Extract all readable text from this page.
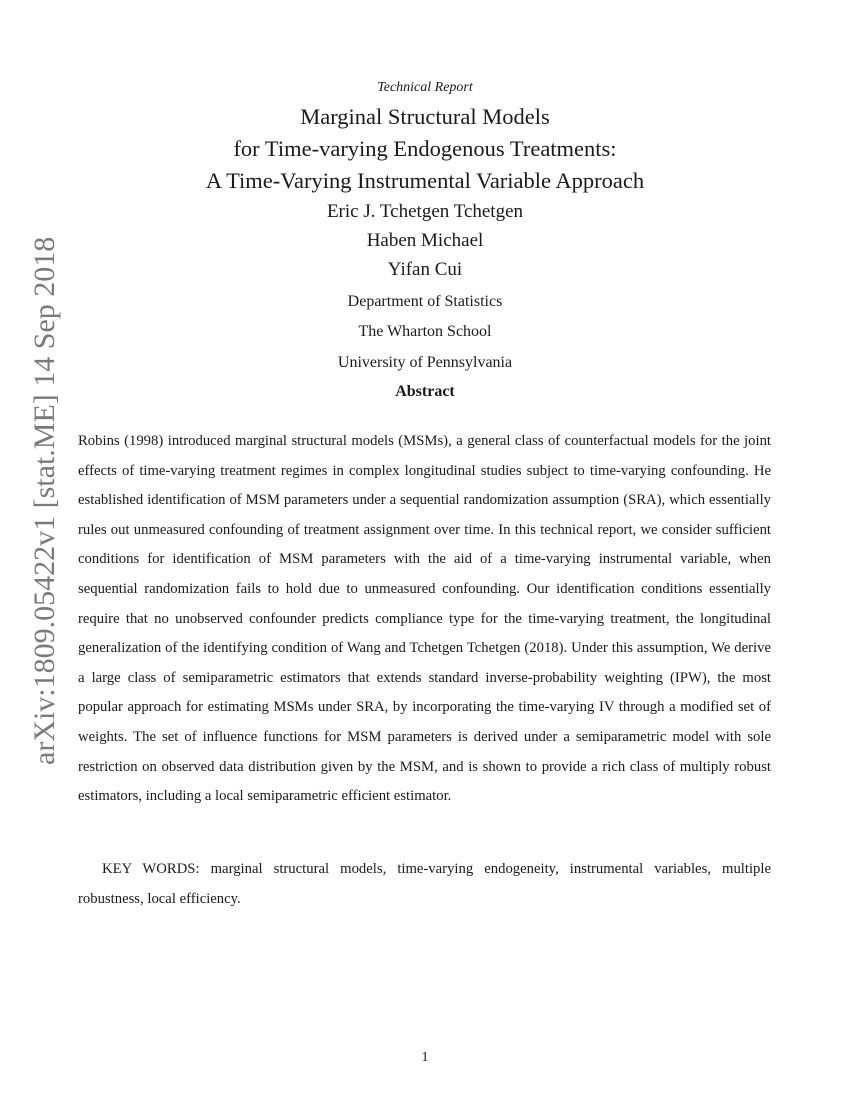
arXiv:1809.05422v1 [stat.ME] 14 Sep 2018
Technical Report
Marginal Structural Models
for Time-varying Endogenous Treatments:
A Time-Varying Instrumental Variable Approach
Eric J. Tchetgen Tchetgen
Haben Michael
Yifan Cui
Department of Statistics
The Wharton School
University of Pennsylvania
Abstract

Robins (1998) introduced marginal structural models (MSMs), a general class of counterfactual models for the joint effects of time-varying treatment regimes in complex longitudinal studies subject to time-varying confounding. He established identification of MSM parameters under a sequential randomization assumption (SRA), which essentially rules out unmeasured confounding of treatment assignment over time. In this technical report, we consider sufficient conditions for identification of MSM parameters with the aid of a time-varying instrumental variable, when sequential randomization fails to hold due to unmeasured confounding. Our identification conditions essentially require that no unobserved confounder predicts compliance type for the time-varying treatment, the longitudinal generalization of the identifying condition of Wang and Tchetgen Tchetgen (2018). Under this assumption, We derive a large class of semiparametric estimators that extends standard inverse-probability weighting (IPW), the most popular approach for estimating MSMs under SRA, by incorporating the time-varying IV through a modified set of weights. The set of influence functions for MSM parameters is derived under a semiparametric model with sole restriction on observed data distribution given by the MSM, and is shown to provide a rich class of multiply robust estimators, including a local semiparametric efficient estimator.

KEY WORDS: marginal structural models, time-varying endogeneity, instrumental variables, multiple robustness, local efficiency.

1
